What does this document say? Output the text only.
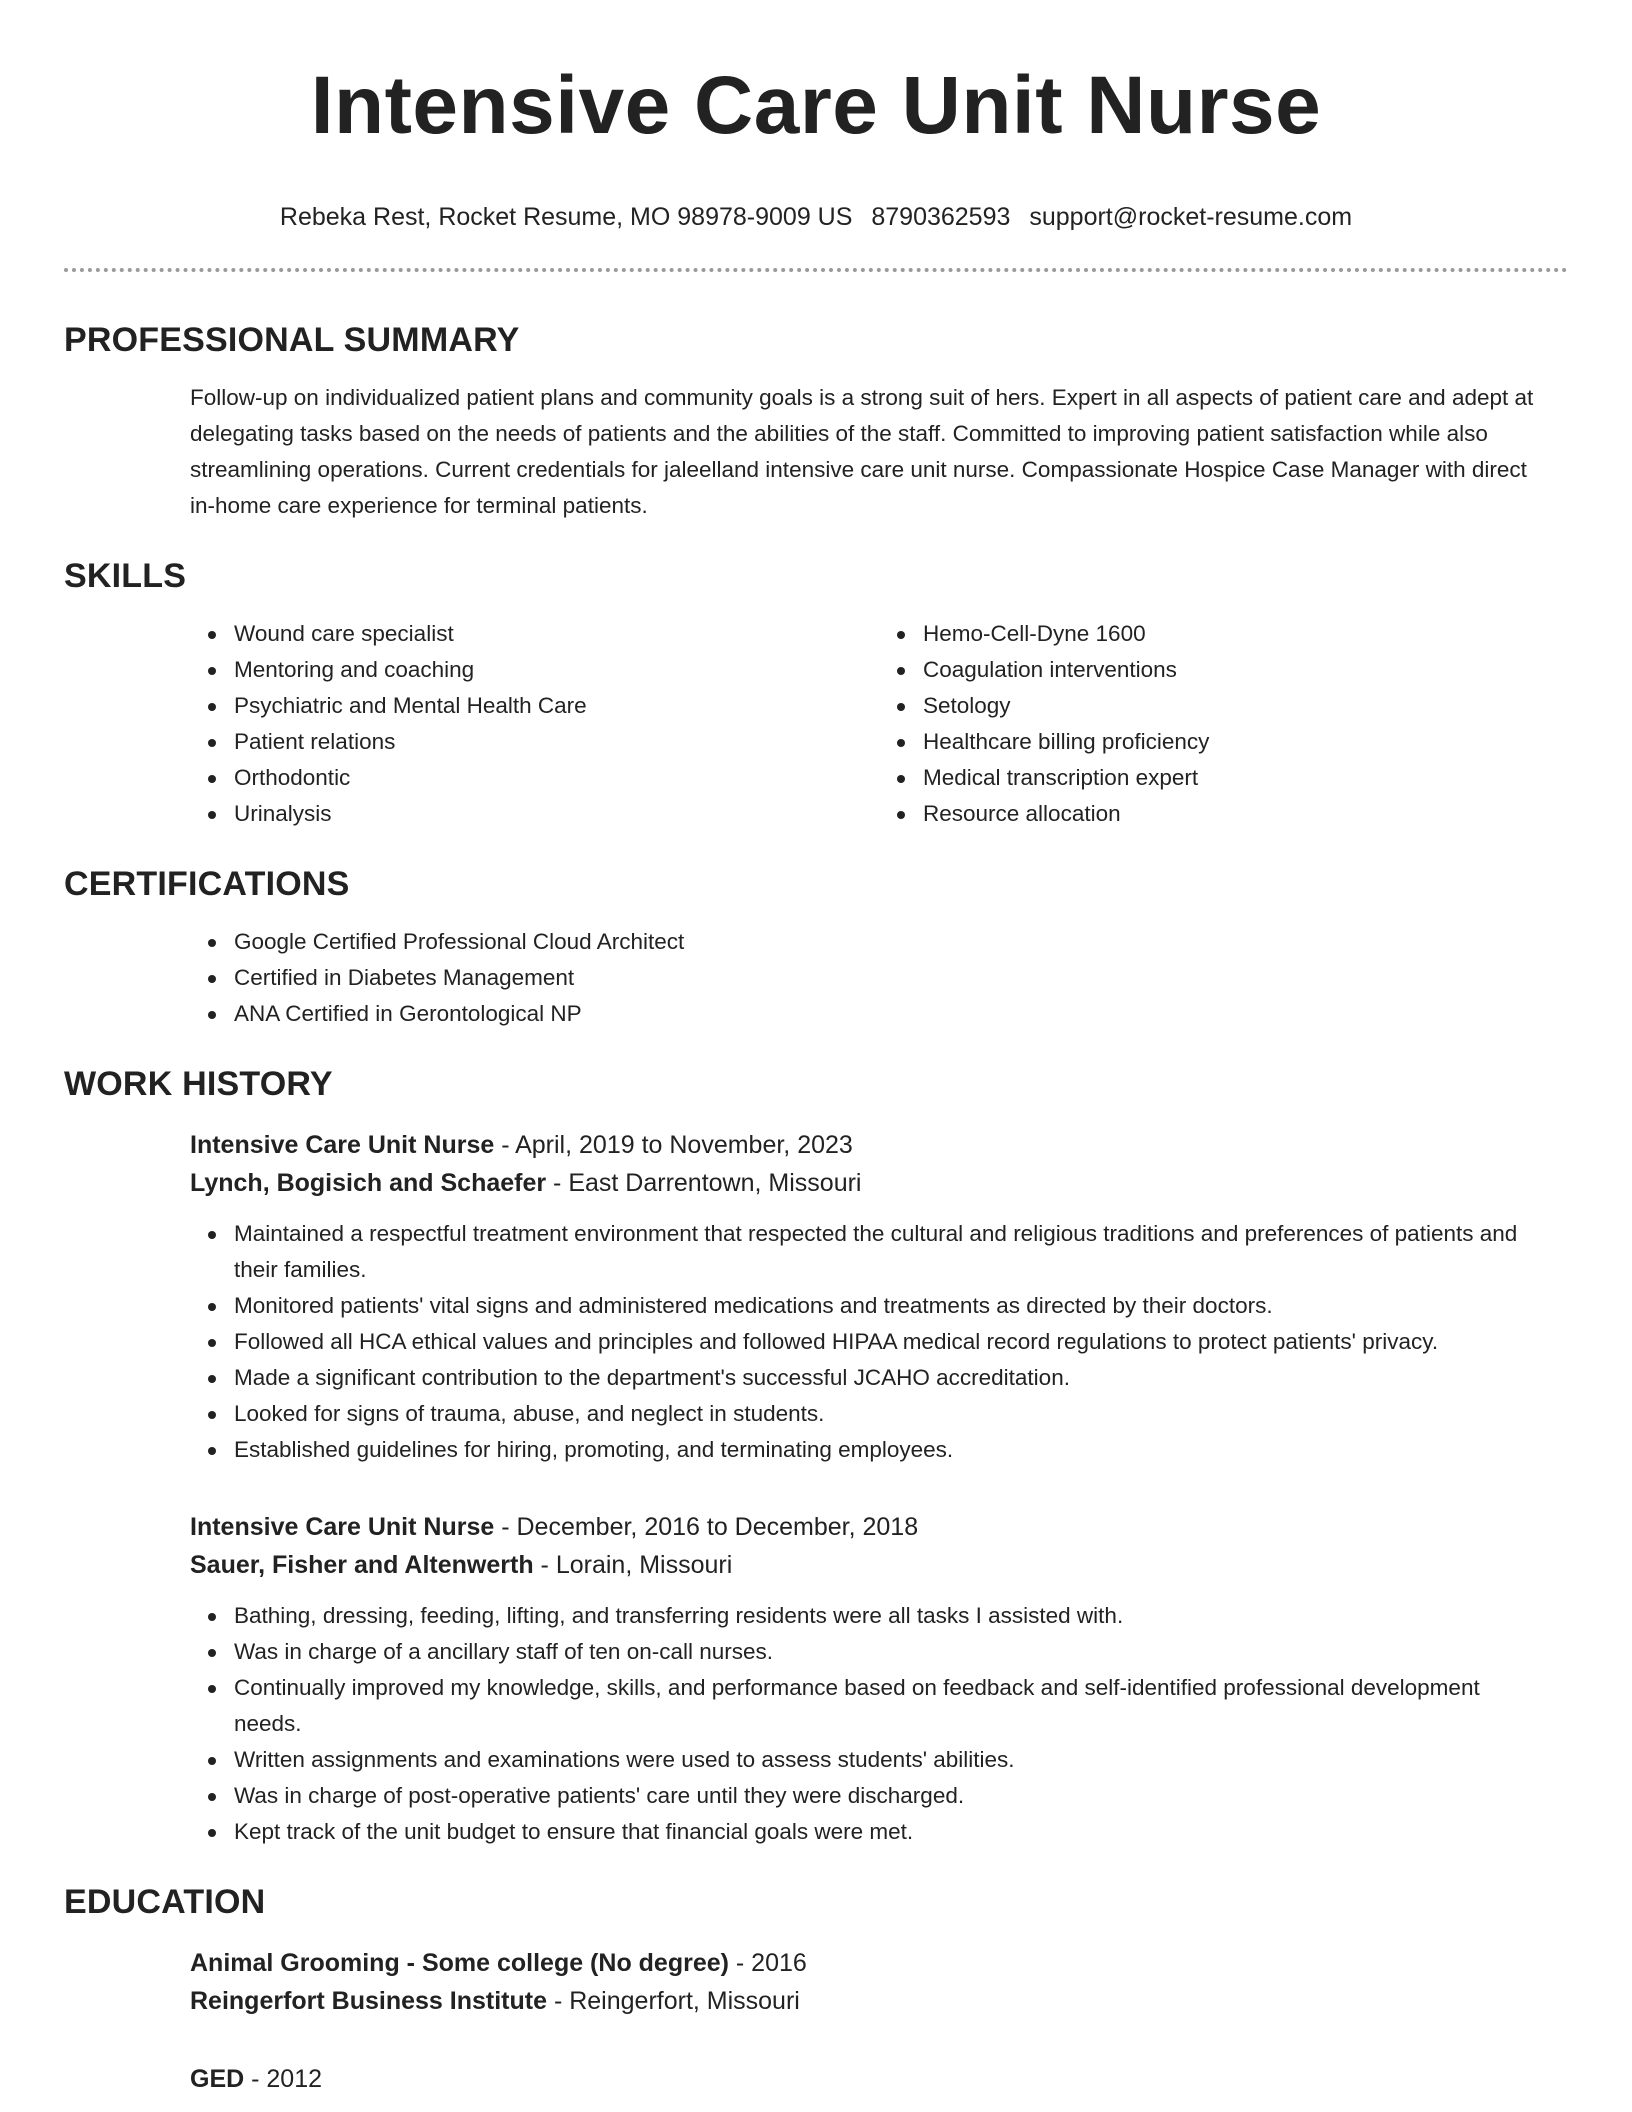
Intensive Care Unit Nurse
Rebeka Rest, Rocket Resume, MO 98978-9009 US 8790362593 support@rocket-resume.com
PROFESSIONAL SUMMARY

Follow-up on individualized patient plans and community goals is a strong suit of hers. Expert in all aspects of patient care and adept at delegating tasks based on the needs of patients and the abilities of the staff. Committed to improving patient satisfaction while also streamlining operations. Current credentials for jaleelland intensive care unit nurse. Compassionate Hospice Case Manager with direct in-home care experience for terminal patients.

SKILLS
Wound care specialist
Mentoring and coaching
Psychiatric and Mental Health Care
Patient relations
Orthodontic
Urinalysis
Hemo-Cell-Dyne 1600
Coagulation interventions
Setology
Healthcare billing proficiency
Medical transcription expert
Resource allocation
CERTIFICATIONS
Google Certified Professional Cloud Architect
Certified in Diabetes Management
ANA Certified in Gerontological NP
WORK HISTORY
Intensive Care Unit Nurse - April, 2019 to November, 2023
Lynch, Bogisich and Schaefer - East Darrentown, Missouri
Maintained a respectful treatment environment that respected the cultural and religious traditions and preferences of patients and their families.
Monitored patients' vital signs and administered medications and treatments as directed by their doctors.
Followed all HCA ethical values and principles and followed HIPAA medical record regulations to protect patients' privacy.
Made a significant contribution to the department's successful JCAHO accreditation.
Looked for signs of trauma, abuse, and neglect in students.
Established guidelines for hiring, promoting, and terminating employees.
Intensive Care Unit Nurse - December, 2016 to December, 2018
Sauer, Fisher and Altenwerth - Lorain, Missouri
Bathing, dressing, feeding, lifting, and transferring residents were all tasks I assisted with.
Was in charge of a ancillary staff of ten on-call nurses.
Continually improved my knowledge, skills, and performance based on feedback and self-identified professional development needs.
Written assignments and examinations were used to assess students' abilities.
Was in charge of post-operative patients' care until they were discharged.
Kept track of the unit budget to ensure that financial goals were met.
EDUCATION
Animal Grooming - Some college (No degree) - 2016
Reingerfort Business Institute - Reingerfort, Missouri
GED - 2012
